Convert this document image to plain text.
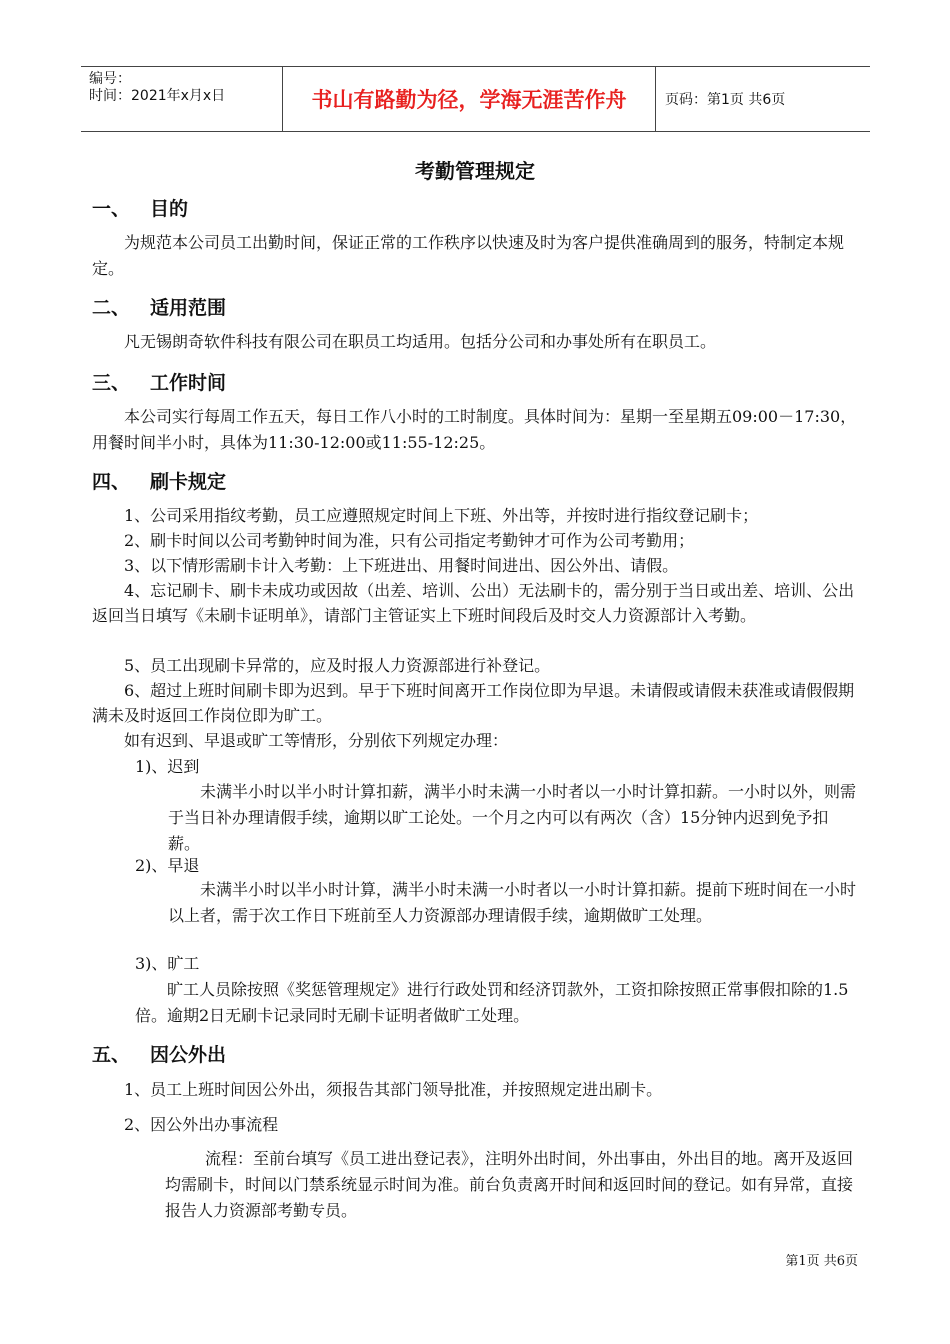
编号：
时间：2021年x月x日	书山有路勤为径，学海无涯苦作舟	页码：第1页 共6页
考勤管理规定
一、 目的

为规范本公司员工出勤时间，保证正常的工作秩序以快速及时为客户提供准确周到的服务，特制定本规定。

二、 适用范围

凡无锡朗奇软件科技有限公司在职员工均适用。包括分公司和办事处所有在职员工。

三、 工作时间

本公司实行每周工作五天，每日工作八小时的工时制度。具体时间为：星期一至星期五09:00－17:30，用餐时间半小时，具体为11:30-12:00或11:55-12:25。

四、 刷卡规定

1、公司采用指纹考勤，员工应遵照规定时间上下班、外出等，并按时进行指纹登记刷卡；

2、刷卡时间以公司考勤钟时间为准，只有公司指定考勤钟才可作为公司考勤用；

3、以下情形需刷卡计入考勤：上下班进出、用餐时间进出、因公外出、请假。

4、忘记刷卡、刷卡未成功或因故（出差、培训、公出）无法刷卡的，需分别于当日或出差、培训、公出返回当日填写《未刷卡证明单》，请部门主管证实上下班时间段后及时交人力资源部计入考勤。

5、员工出现刷卡异常的，应及时报人力资源部进行补登记。

6、超过上班时间刷卡即为迟到。早于下班时间离开工作岗位即为早退。未请假或请假未获准或请假假期满未及时返回工作岗位即为旷工。

如有迟到、早退或旷工等情形，分别依下列规定办理：

1)、迟到

未满半小时以半小时计算扣薪，满半小时未满一小时者以一小时计算扣薪。一小时以外，则需于当日补办理请假手续，逾期以旷工论处。一个月之内可以有两次（含）15分钟内迟到免予扣薪。

2)、早退

未满半小时以半小时计算，满半小时未满一小时者以一小时计算扣薪。提前下班时间在一小时以上者，需于次工作日下班前至人力资源部办理请假手续，逾期做旷工处理。

3)、旷工

旷工人员除按照《奖惩管理规定》进行行政处罚和经济罚款外，工资扣除按照正常事假扣除的1.5倍。逾期2日无刷卡记录同时无刷卡证明者做旷工处理。

五、 因公外出

1、员工上班时间因公外出，须报告其部门领导批准，并按照规定进出刷卡。

2、因公外出办事流程

流程：至前台填写《员工进出登记表》，注明外出时间，外出事由，外出目的地。离开及返回均需刷卡，时间以门禁系统显示时间为准。前台负责离开时间和返回时间的登记。如有异常，直接报告人力资源部考勤专员。

第1页 共6页
